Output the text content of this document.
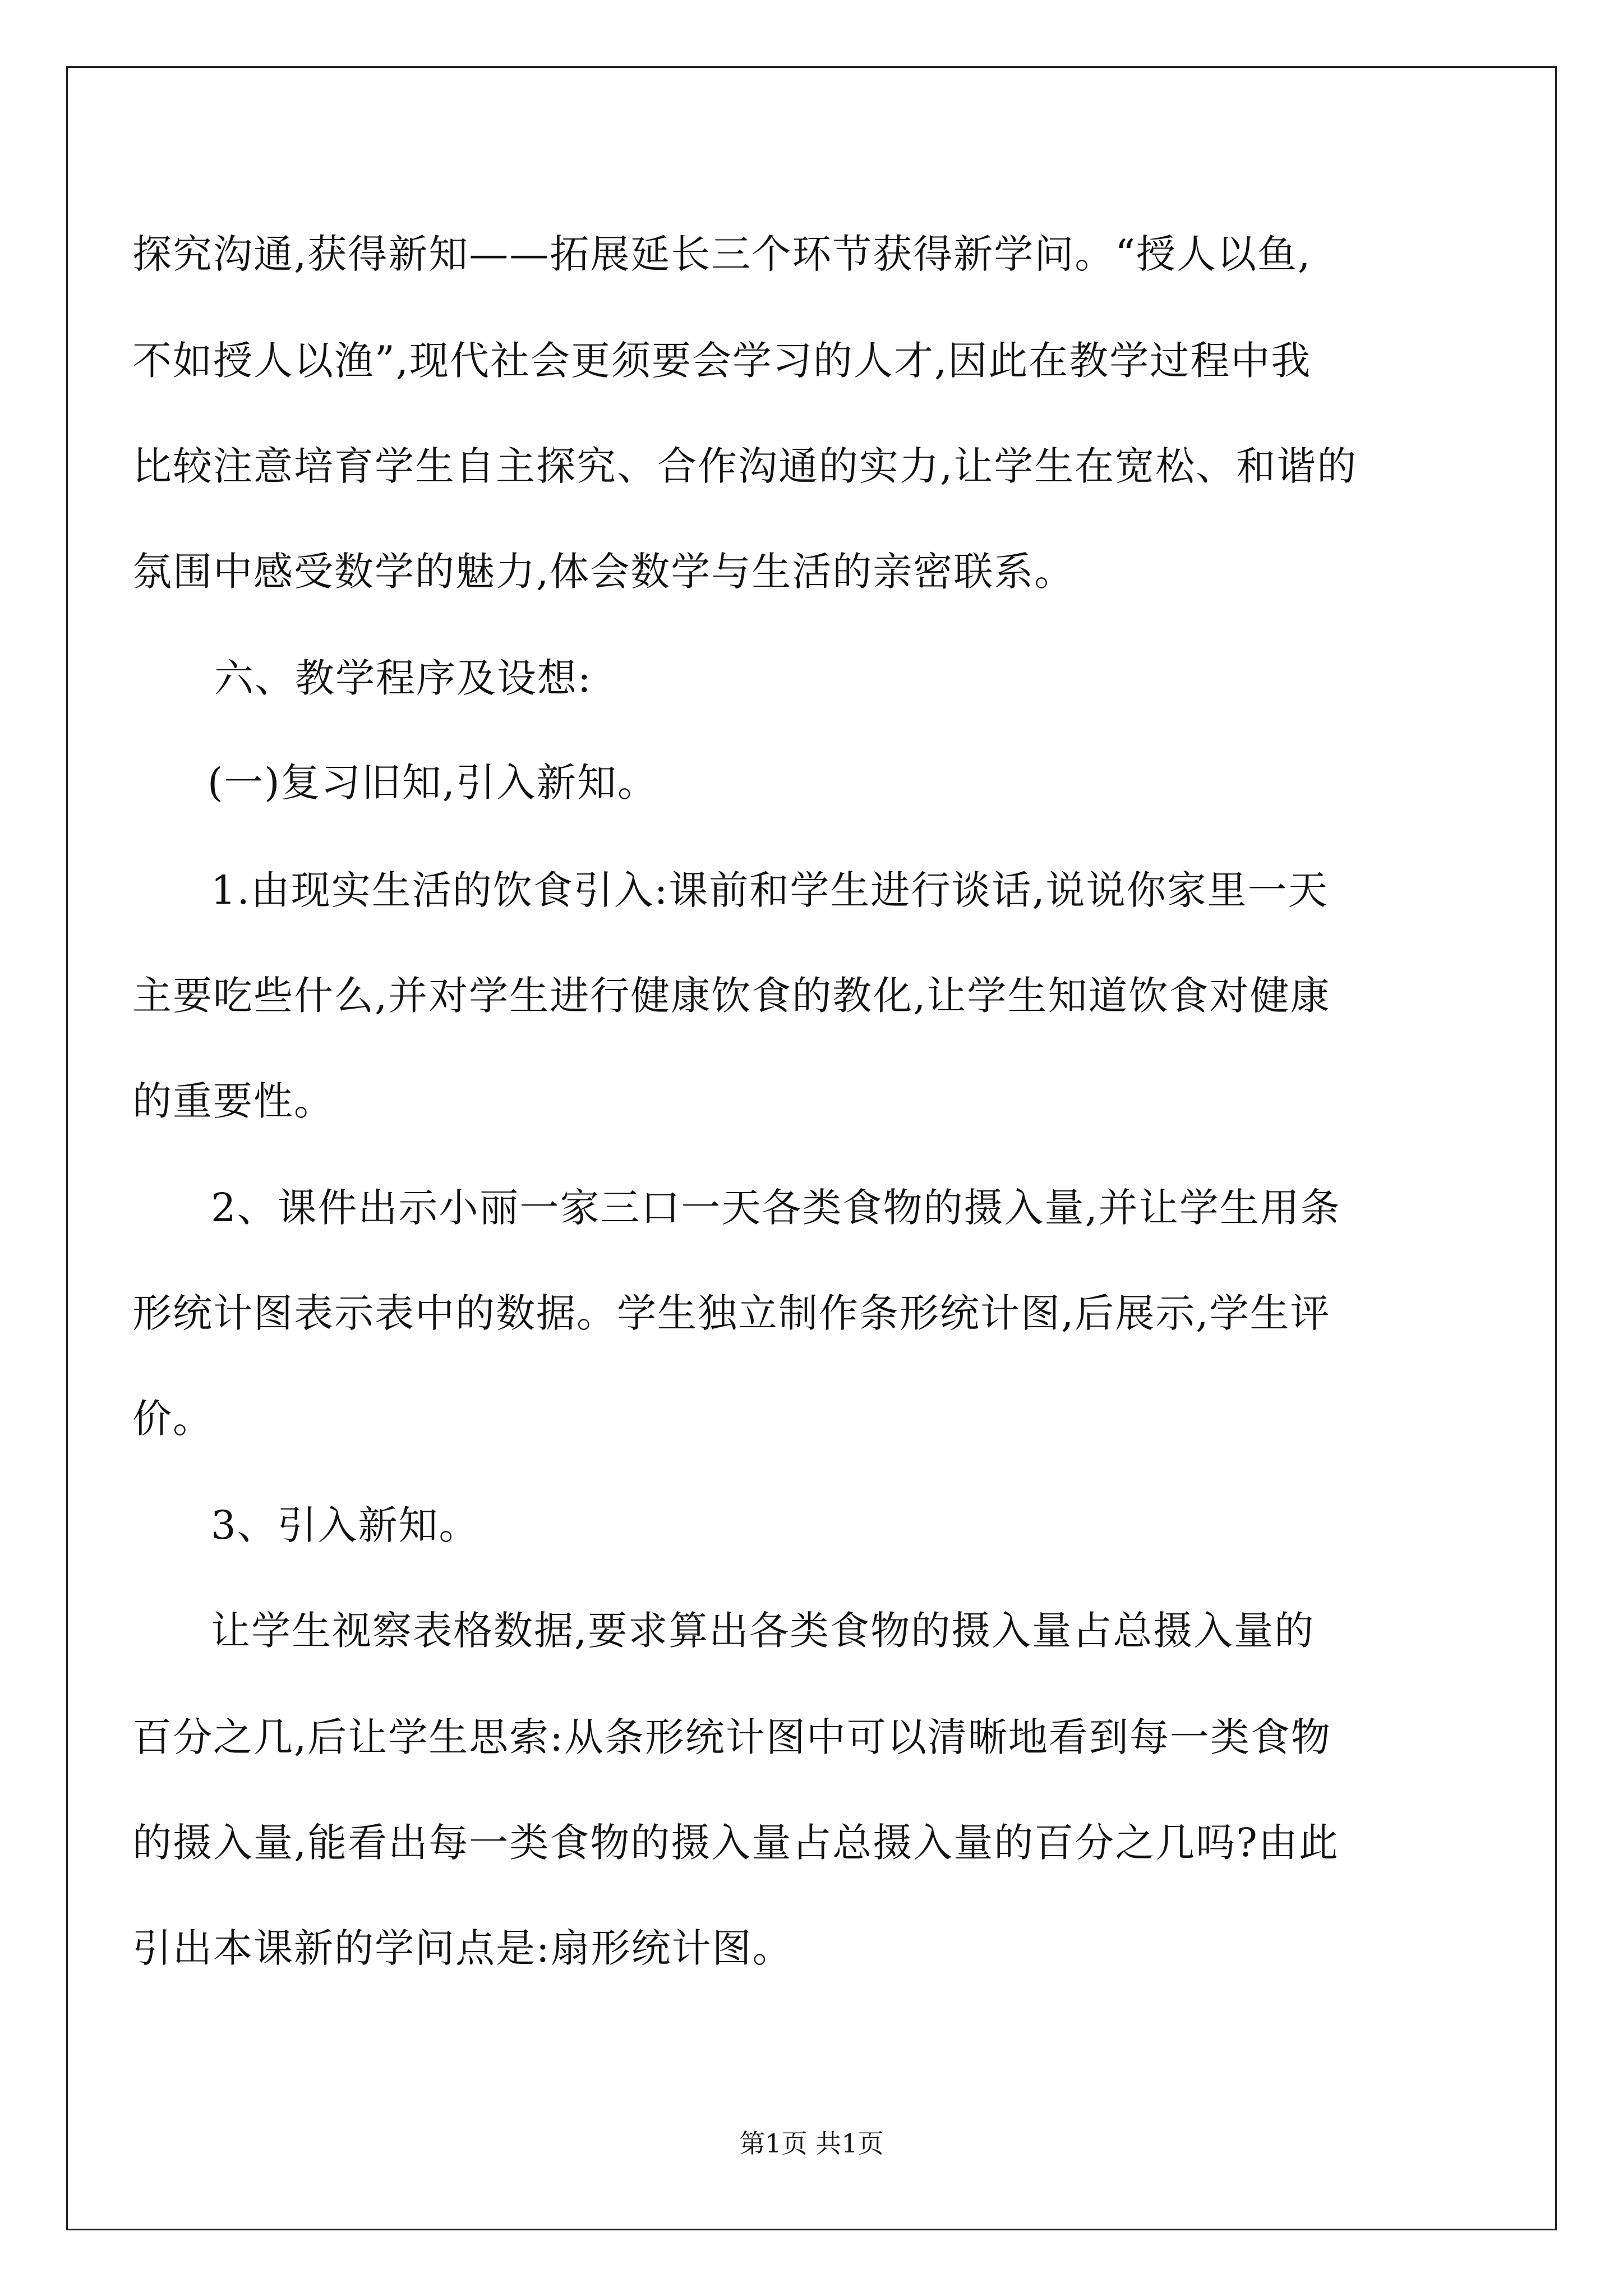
探究沟通,获得新知——拓展延长三个环节获得新学问。“授人以鱼,
不如授人以渔”,现代社会更须要会学习的人才,因此在教学过程中我
比较注意培育学生自主探究、合作沟通的实力,让学生在宽松、和谐的
氛围中感受数学的魅力,体会数学与生活的亲密联系。
六、教学程序及设想:
(一)复习旧知,引入新知。
1.由现实生活的饮食引入:课前和学生进行谈话,说说你家里一天
主要吃些什么,并对学生进行健康饮食的教化,让学生知道饮食对健康
的重要性。
2、课件出示小丽一家三口一天各类食物的摄入量,并让学生用条
形统计图表示表中的数据。学生独立制作条形统计图,后展示,学生评
价。
3、引入新知。
让学生视察表格数据,要求算出各类食物的摄入量占总摄入量的
百分之几,后让学生思索:从条形统计图中可以清晰地看到每一类食物
的摄入量,能看出每一类食物的摄入量占总摄入量的百分之几吗?由此
引出本课新的学问点是:扇形统计图。
第1页 共1页
